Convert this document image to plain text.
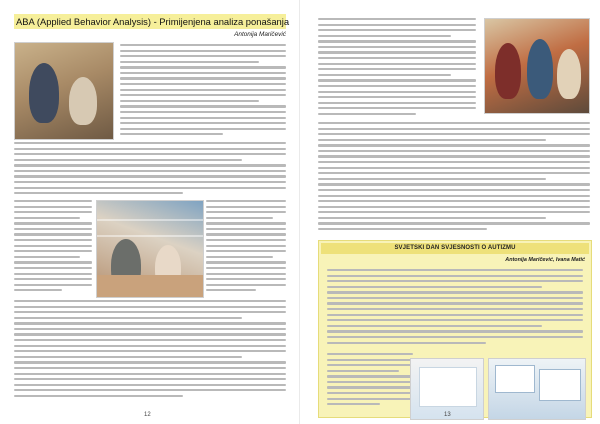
ABA (Applied Behavior Analysis) - Primijenjena analiza ponašanja
Antonija Maričević
12
SVJETSKI DAN SVJESNOSTI O AUTIZMU
Antonija Maričević, Ivana Matić
13
